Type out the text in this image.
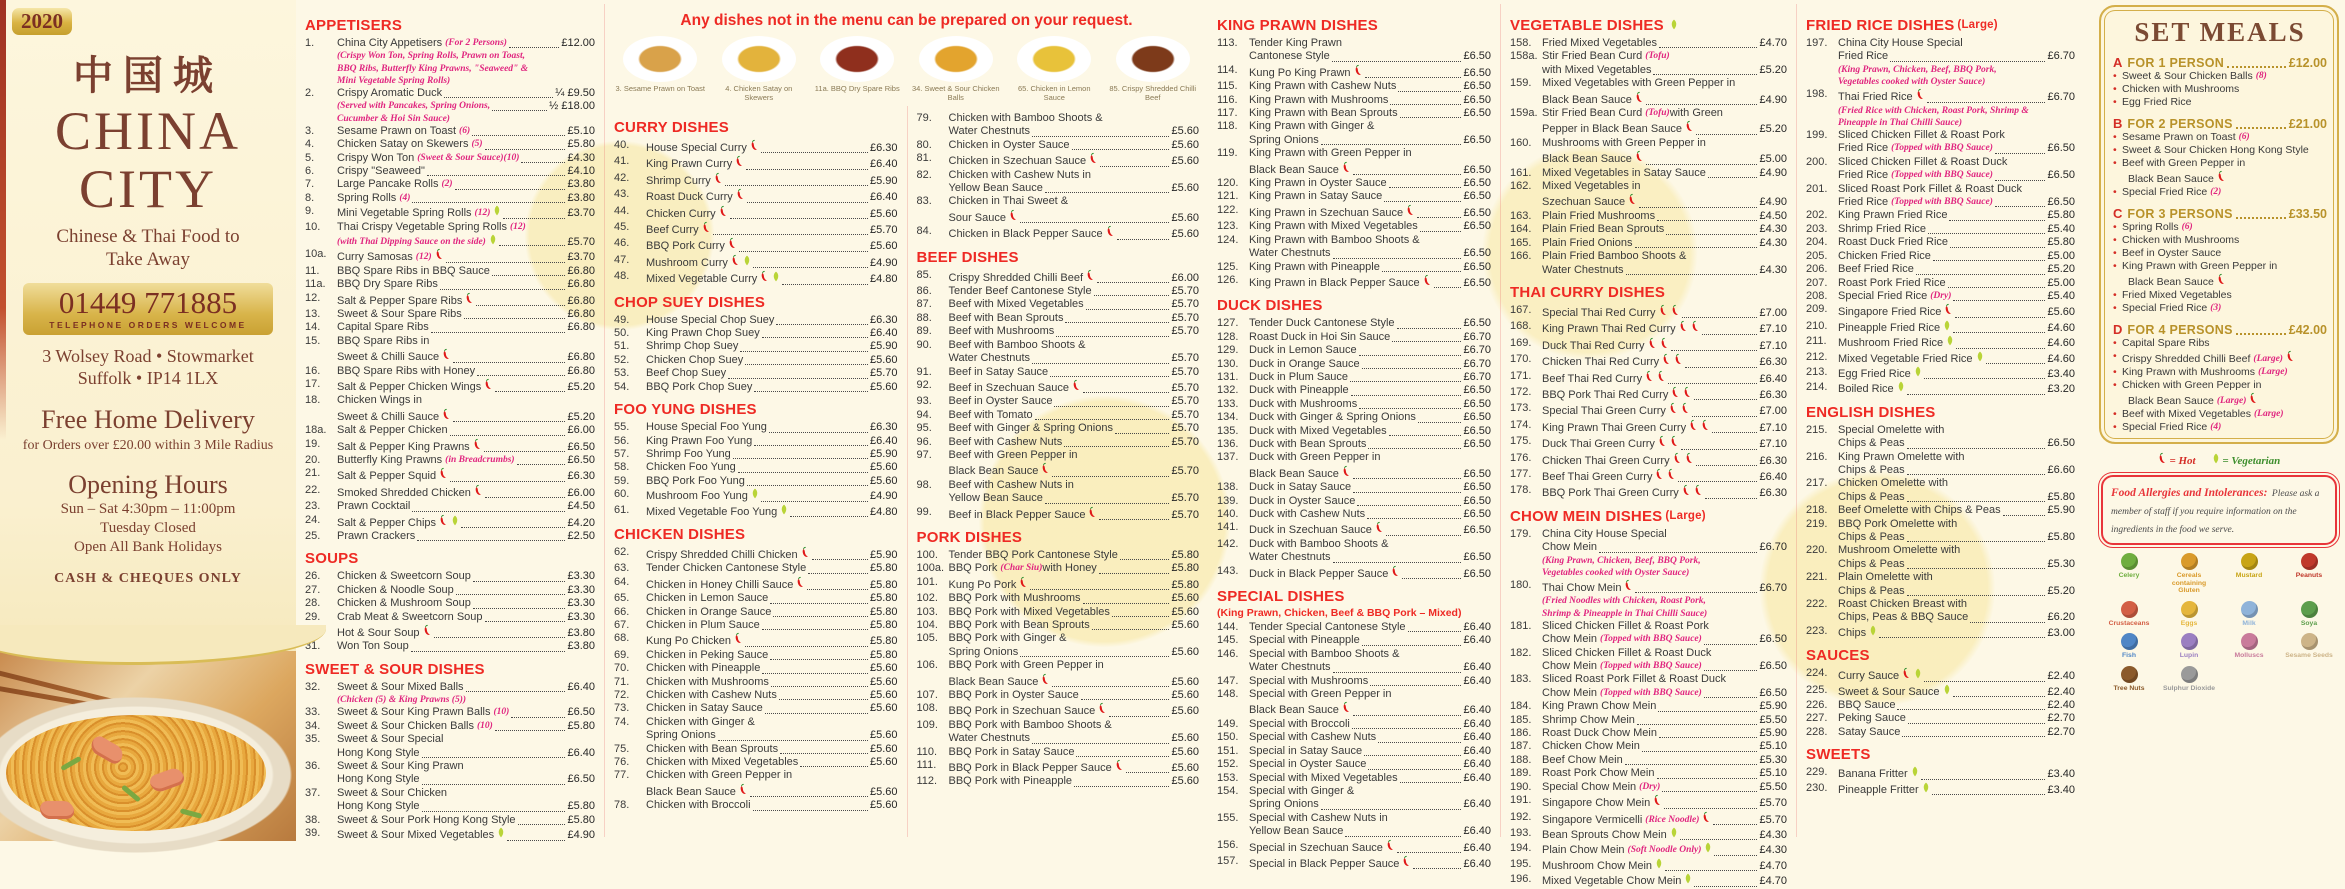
2020
中国城
CHINA
CITY
Chinese & Thai Food to
Take Away
01449 771885
TELEPHONE ORDERS WELCOME
3 Wolsey Road • Stowmarket
Suffolk • IP14 1LX
Free Home Delivery
for Orders over £20.00 within 3 Mile Radius
Opening Hours
Sun – Sat 4:30pm – 11:00pm
Tuesday Closed
Open All Bank Holidays
CASH & CHEQUES ONLY
APPETISERS
1.	China City Appetisers (For 2 Persons)	£12.00
(Crispy Won Ton, Spring Rolls, Prawn on Toast,
BBQ Ribs, Butterfly King Prawns, "Seaweed" &
Mini Vegetable Spring Rolls)
2.	Crispy Aromatic Duck	¼ £9.50
(Served with Pancakes, Spring Onions,	½ £18.00
Cucumber & Hoi Sin Sauce)
3.	Sesame Prawn on Toast (6)	£5.10
4.	Chicken Satay on Skewers (5)	£5.80
5.	Crispy Won Ton (Sweet & Sour Sauce)(10)	£4.30
6.	Crispy "Seaweed"	£4.10
7.	Large Pancake Rolls (2)	£3.80
8.	Spring Rolls (4)	£3.80
9.	Mini Vegetable Spring Rolls (12)	£3.70
10.	Thai Crispy Vegetable Spring Rolls (12)
(with Thai Dipping Sauce on the side)	£5.70
10a. Curry Samosas (12)	£3.70
11.	BBQ Spare Ribs in BBQ Sauce	£6.80
11a.	BBQ Dry Spare Ribs	£6.80
12.	Salt & Pepper Spare Ribs	£6.80
13.	Sweet & Sour Spare Ribs	£6.80
14.	Capital Spare Ribs	£6.80
15.	BBQ Spare Ribs in
Sweet & Chilli Sauce	£6.80
16.	BBQ Spare Ribs with Honey	£6.80
17.	Salt & Pepper Chicken Wings	£5.20
18.	Chicken Wings in
Sweet & Chilli Sauce	£5.20
18a. Salt & Pepper Chicken	£6.00
19.	Salt & Pepper King Prawns	£6.50
20.	Butterfly King Prawns (in Breadcrumbs)	£6.50
21.	Salt & Pepper Squid	£6.30
22.	Smoked Shredded Chicken	£6.00
23.	Prawn Cocktail	£4.50
24.	Salt & Pepper Chips	£4.20
25.	Prawn Crackers	£2.50
SOUPS
26.	Chicken & Sweetcorn Soup	£3.30
27.	Chicken & Noodle Soup	£3.30
28.	Chicken & Mushroom Soup	£3.30
29.	Crab Meat & Sweetcorn Soup	£3.30
Hot & Sour Soup	£3.80
31.	Won Ton Soup	£3.80
SWEET & SOUR DISHES
32.	Sweet & Sour Mixed Balls	£6.40
(Chicken (5) & King Prawns (5))
33.	Sweet & Sour King Prawn Balls (10)	£6.50
34.	Sweet & Sour Chicken Balls (10)	£5.80
35.	Sweet & Sour Special
Hong Kong Style	£6.40
36.	Sweet & Sour King Prawn
Hong Kong Style	£6.50
37.	Sweet & Sour Chicken
Hong Kong Style	£5.80
38.	Sweet & Sour Pork Hong Kong Style	£5.80
39.	Sweet & Sour Mixed Vegetables	£4.90
Any dishes not in the menu can be prepared on your request.
3. Sesame Prawn on Toast	4. Chicken Satay on Skewers
11a. BBQ Dry Spare Ribs	34. Sweet & Sour Chicken Balls
65. Chicken in Lemon Sauce
85. Crispy Shredded Chilli Beef
CURRY DISHES
40.	House Special Curry	£6.30
41.	King Prawn Curry	£6.40
42.	Shrimp Curry	£5.90
43.	Roast Duck Curry	£6.40
44.	Chicken Curry	£5.60
45.	Beef Curry	£5.70
46.	BBQ Pork Curry	£5.60
47.	Mushroom Curry	£4.90
48.	Mixed Vegetable Curry	£4.80
CHOP SUEY DISHES
49.	House Special Chop Suey	£6.30
50.	King Prawn Chop Suey	£6.40
51.	Shrimp Chop Suey	£5.90
52.	Chicken Chop Suey	£5.60
53.	Beef Chop Suey	£5.70
54.	BBQ Pork Chop Suey	£5.60
FOO YUNG DISHES
55.	House Special Foo Yung	£6.30
56.	King Prawn Foo Yung	£6.40
57.	Shrimp Foo Yung	£5.90
58.	Chicken Foo Yung	£5.60
59.	BBQ Pork Foo Yung	£5.60
60.	Mushroom Foo Yung	£4.90
61.	Mixed Vegetable Foo Yung	£4.80
CHICKEN DISHES
62.	Crispy Shredded Chilli Chicken	£5.90
63.	Tender Chicken Cantonese Style	£5.80
64.	Chicken in Honey Chilli Sauce	£5.80
65.	Chicken in Lemon Sauce	£5.80
66.	Chicken in Orange Sauce	£5.80
67.	Chicken in Plum Sauce	£5.80
68.	Kung Po Chicken	£5.80
69.	Chicken in Peking Sauce	£5.80
70.	Chicken with Pineapple	£5.60
71.	Chicken with Mushrooms	£5.60
72.	Chicken with Cashew Nuts	£5.60
73.	Chicken in Satay Sauce	£5.60
74.	Chicken with Ginger &
Spring Onions	£5.60
75.	Chicken with Bean Sprouts	£5.60
76.	Chicken with Mixed Vegetables	£5.60
77.	Chicken with Green Pepper in
Black Bean Sauce	£5.60
78.	Chicken with Broccoli	£5.60
79.	Chicken with Bamboo Shoots &
Water Chestnuts	£5.60
80.	Chicken in Oyster Sauce	£5.60
81.	Chicken in Szechuan Sauce	£5.60
82.	Chicken with Cashew Nuts in
Yellow Bean Sauce	£5.60
83.	Chicken in Thai Sweet &
Sour Sauce	£5.60
84.	Chicken in Black Pepper Sauce	£5.60
BEEF DISHES
85.	Crispy Shredded Chilli Beef	£6.00
86.	Tender Beef Cantonese Style	£5.70
87.	Beef with Mixed Vegetables	£5.70
88.	Beef with Bean Sprouts	£5.70
89.	Beef with Mushrooms	£5.70
90.	Beef with Bamboo Shoots &
Water Chestnuts	£5.70
91.	Beef in Satay Sauce	£5.70
92.	Beef in Szechuan Sauce	£5.70
93.	Beef in Oyster Sauce	£5.70
94.	Beef with Tomato	£5.70
95.	Beef with Ginger & Spring Onions	£5.70
96.	Beef with Cashew Nuts	£5.70
97.	Beef with Green Pepper in
Black Bean Sauce	£5.70
98.	Beef with Cashew Nuts in
Yellow Bean Sauce	£5.70
99.	Beef in Black Pepper Sauce	£5.70
PORK DISHES
100. Tender BBQ Pork Cantonese Style	£5.80
100a. BBQ Pork (Char Siu) with Honey	£5.80
101. Kung Po Pork	£5.80
102. BBQ Pork with Mushrooms	£5.60
103. BBQ Pork with Mixed Vegetables	£5.60
104. BBQ Pork with Bean Sprouts	£5.60
105. BBQ Pork with Ginger &
Spring Onions	£5.60
106. BBQ Pork with Green Pepper in
Black Bean Sauce	£5.60
107. BBQ Pork in Oyster Sauce	£5.60
108. BBQ Pork in Szechuan Sauce	£5.60
109. BBQ Pork with Bamboo Shoots &
Water Chestnuts	£5.60
110.	BBQ Pork in Satay Sauce	£5.60
111.	BBQ Pork in Black Pepper Sauce	£5.60
112.	BBQ Pork with Pineapple	£5.60
KING PRAWN DISHES
113.	Tender King Prawn
Cantonese Style	£6.50
114.	Kung Po King Prawn	£6.50
115.	King Prawn with Cashew Nuts	£6.50
116.	King Prawn with Mushrooms	£6.50
117.	King Prawn with Bean Sprouts	£6.50
118.	King Prawn with Ginger &
Spring Onions	£6.50
119.	King Prawn with Green Pepper in
Black Bean Sauce	£6.50
120. King Prawn in Oyster Sauce	£6.50
121. King Prawn in Satay Sauce	£6.50
122. King Prawn in Szechuan Sauce	£6.50
123. King Prawn with Mixed Vegetables	£6.50
124. King Prawn with Bamboo Shoots &
Water Chestnuts	£6.50
125. King Prawn with Pineapple	£6.50
126. King Prawn in Black Pepper Sauce	£6.50
DUCK DISHES
127. Tender Duck Cantonese Style	£6.50
128. Roast Duck in Hoi Sin Sauce	£6.70
129. Duck in Lemon Sauce	£6.70
130. Duck in Orange Sauce	£6.70
131. Duck in Plum Sauce	£6.70
132. Duck with Pineapple	£6.50
133. Duck with Mushrooms	£6.50
134. Duck with Ginger & Spring Onions	£6.50
135. Duck with Mixed Vegetables	£6.50
136. Duck with Bean Sprouts	£6.50
137. Duck with Green Pepper in
Black Bean Sauce	£6.50
138. Duck in Satay Sauce	£6.50
139. Duck in Oyster Sauce	£6.50
140. Duck with Cashew Nuts	£6.50
141. Duck in Szechuan Sauce	£6.50
142. Duck with Bamboo Shoots &
Water Chestnuts	£6.50
143. Duck in Black Pepper Sauce	£6.50
SPECIAL DISHES
(King Prawn, Chicken, Beef & BBQ Pork – Mixed)
144. Tender Special Cantonese Style	£6.40
145. Special with Pineapple	£6.40
146. Special with Bamboo Shoots &
Water Chestnuts	£6.40
147. Special with Mushrooms	£6.40
148. Special with Green Pepper in
Black Bean Sauce	£6.40
149. Special with Broccoli	£6.40
150. Special with Cashew Nuts	£6.40
151. Special in Satay Sauce	£6.40
152. Special in Oyster Sauce	£6.40
153. Special with Mixed Vegetables	£6.40
154. Special with Ginger &
Spring Onions	£6.40
155. Special with Cashew Nuts in
Yellow Bean Sauce	£6.40
156. Special in Szechuan Sauce	£6.40
157. Special in Black Pepper Sauce	£6.40
VEGETABLE DISHES
158. Fried Mixed Vegetables	£4.70
158a. Stir Fried Bean Curd (Tofu)
with Mixed Vegetables	£5.20
159. Mixed Vegetables with Green Pepper in
Black Bean Sauce	£4.90
159a. Stir Fried Bean Curd (Tofu) with Green
Pepper in Black Bean Sauce	£5.20
160. Mushrooms with Green Pepper in
Black Bean Sauce	£5.00
161. Mixed Vegetables in Satay Sauce	£4.90
162. Mixed Vegetables in
Szechuan Sauce	£4.90
163. Plain Fried Mushrooms	£4.50
164. Plain Fried Bean Sprouts	£4.30
165. Plain Fried Onions	£4.30
166. Plain Fried Bamboo Shoots &
Water Chestnuts	£4.30
THAI CURRY DISHES
167. Special Thai Red Curry	£7.00
168. King Prawn Thai Red Curry	£7.10
169. Duck Thai Red Curry	£7.10
170. Chicken Thai Red Curry	£6.30
171. Beef Thai Red Curry	£6.40
172. BBQ Pork Thai Red Curry	£6.30
173. Special Thai Green Curry	£7.00
174. King Prawn Thai Green Curry	£7.10
175. Duck Thai Green Curry	£7.10
176. Chicken Thai Green Curry	£6.30
177. Beef Thai Green Curry	£6.40
178. BBQ Pork Thai Green Curry	£6.30
CHOW MEIN DISHES (Large)
179. China City House Special
Chow Mein	£6.70
(King Prawn, Chicken, Beef, BBQ Pork,
Vegetables cooked with Oyster Sauce)
180. Thai Chow Mein	£6.70
(Fried Noodles with Chicken, Roast Pork,
Shrimp & Pineapple in Thai Chilli Sauce)
181. Sliced Chicken Fillet & Roast Pork
Chow Mein (Topped with BBQ Sauce)	£6.50
182. Sliced Chicken Fillet & Roast Duck
Chow Mein (Topped with BBQ Sauce)	£6.50
183. Sliced Roast Pork Fillet & Roast Duck
Chow Mein (Topped with BBQ Sauce)	£6.50
184. King Prawn Chow Mein	£5.90
185. Shrimp Chow Mein	£5.50
186. Roast Duck Chow Mein	£5.90
187. Chicken Chow Mein	£5.10
188. Beef Chow Mein	£5.30
189. Roast Pork Chow Mein	£5.10
190. Special Chow Mein (Dry)	£5.50
191. Singapore Chow Mein	£5.70
192. Singapore Vermicelli (Rice Noodle)	£5.70
193. Bean Sprouts Chow Mein	£4.30
194. Plain Chow Mein (Soft Noodle Only)	£4.30
195. Mushroom Chow Mein	£4.70
196. Mixed Vegetable Chow Mein	£4.70
FRIED RICE DISHES (Large)
197. China City House Special
Fried Rice	£6.70
(King Prawn, Chicken, Beef, BBQ Pork,
Vegetables cooked with Oyster Sauce)
198. Thai Fried Rice	£6.70
(Fried Rice with Chicken, Roast Pork, Shrimp &
Pineapple in Thai Chilli Sauce)
199. Sliced Chicken Fillet & Roast Pork
Fried Rice (Topped with BBQ Sauce)	£6.50
200. Sliced Chicken Fillet & Roast Duck
Fried Rice (Topped with BBQ Sauce)	£6.50
201. Sliced Roast Pork Fillet & Roast Duck
Fried Rice (Topped with BBQ Sauce)	£6.50
202. King Prawn Fried Rice	£5.80
203. Shrimp Fried Rice	£5.40
204. Roast Duck Fried Rice	£5.80
205. Chicken Fried Rice	£5.00
206. Beef Fried Rice	£5.20
207. Roast Pork Fried Rice	£5.00
208. Special Fried Rice (Dry)	£5.40
209. Singapore Fried Rice	£5.60
210. Pineapple Fried Rice	£4.60
211.	Mushroom Fried Rice	£4.60
212. Mixed Vegetable Fried Rice	£4.60
213. Egg Fried Rice	£3.40
214. Boiled Rice	£3.20
ENGLISH DISHES
215. Special Omelette with
Chips & Peas	£6.50
216. King Prawn Omelette with
Chips & Peas	£6.60
217. Chicken Omelette with
Chips & Peas	£5.80
218. Beef Omelette with Chips & Peas	£5.90
219. BBQ Pork Omelette with
Chips & Peas	£5.80
220. Mushroom Omelette with
Chips & Peas	£5.30
221. Plain Omelette with
Chips & Peas	£5.20
222. Roast Chicken Breast with
Chips, Peas & BBQ Sauce	£6.20
223. Chips	£3.00
SAUCES
224. Curry Sauce	£2.40
225. Sweet & Sour Sauce	£2.40
226. BBQ Sauce	£2.40
227. Peking Sauce	£2.70
228. Satay Sauce	£2.70
SWEETS
229. Banana Fritter	£3.40
230. Pineapple Fritter	£3.40
SET MEALS
A FOR 1 PERSON	£12.00
• Sweet & Sour Chicken Balls (8)
• Chicken with Mushrooms
• Egg Fried Rice
B FOR 2 PERSONS	£21.00
• Sesame Prawn on Toast (6)
• Sweet & Sour Chicken Hong Kong Style
• Beef with Green Pepper in
Black Bean Sauce
• Special Fried Rice (2)
C FOR 3 PERSONS	£33.50
• Spring Rolls (6)
• Chicken with Mushrooms
• Beef in Oyster Sauce
• King Prawn with Green Pepper in
Black Bean Sauce
• Fried Mixed Vegetables
• Special Fried Rice (3)
D FOR 4 PERSONS	£42.00
• Capital Spare Ribs
• Crispy Shredded Chilli Beef (Large)
• King Prawn with Mushrooms (Large)
• Chicken with Green Pepper in
Black Bean Sauce (Large)
• Beef with Mixed Vegetables (Large)
• Special Fried Rice (4)
= Hot	= Vegetarian
Food Allergies and Intolerances: Please ask a member of staff if you require information on the ingredients in the food we serve.
Celery	Cereals containing Gluten
Mustard	Peanuts
Crustaceans	Eggs	Milk	Soya
Fish	Lupin	Molluscs	Sesame Seeds
Tree Nuts	Sulphur Dioxide
